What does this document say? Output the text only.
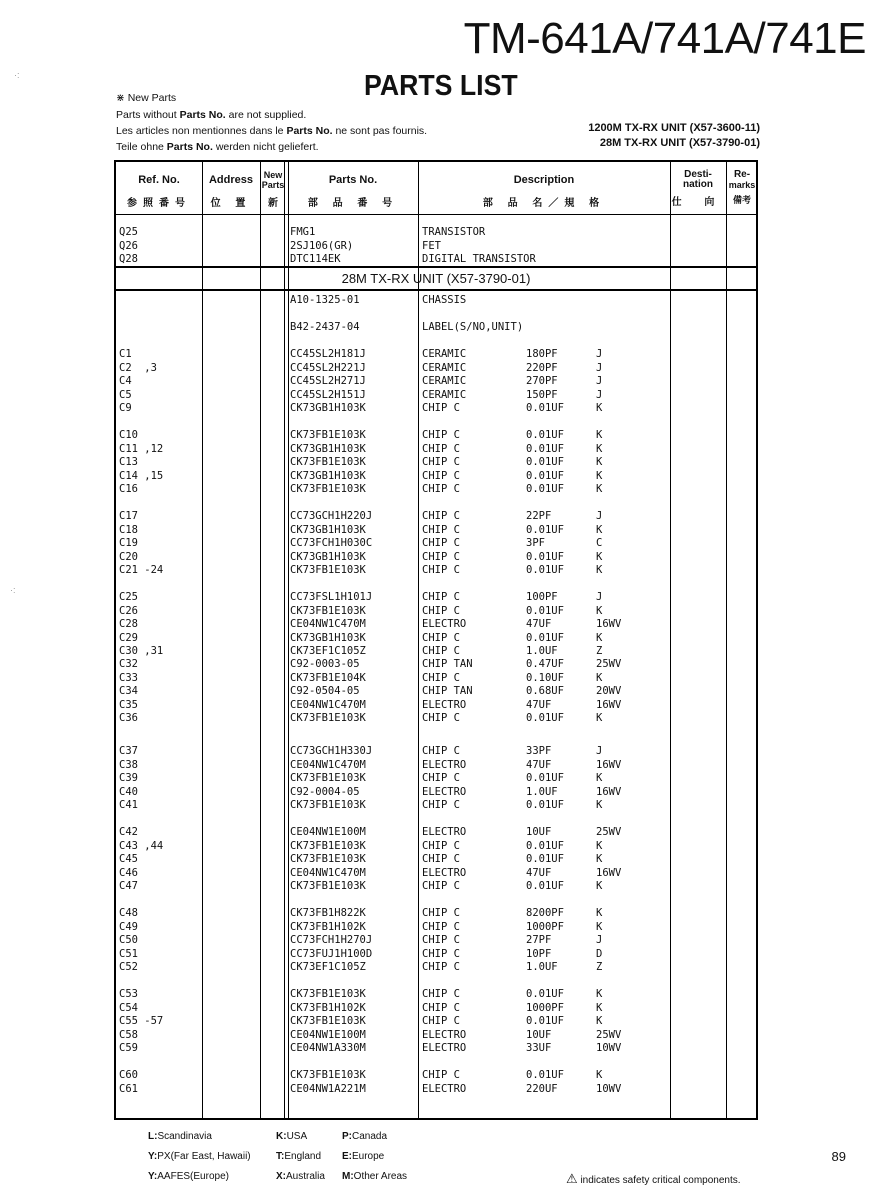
TM-641A/741A/741E
PARTS LIST
⋇ New Parts
Parts without Parts No. are not supplied.
Les articles non mentionnes dans le Parts No. ne sont pas fournis.
Teile ohne Parts No. werden nicht geliefert.
1200M TX-RX UNIT (X57-3600-11)
28M TX-RX UNIT (X57-3790-01)
·:
·:
Ref. No.
参照番号
Address
位 置
New
Parts
新
Parts No.
部 品 番 号
Description
部 品 名／規 格
Desti-
nation
仕 向
Re-
marks
備考
28M TX-RX UNIT (X57-3790-01)
Q25	FMG1	TRANSISTOR
Q26	2SJ106(GR)	FET
Q28	DTC114EK	DIGITAL TRANSISTOR
A10-1325-01	CHASSIS
B42-2437-04	LABEL(S/NO,UNIT)
C1	CC45SL2H181J	CERAMIC	180PF	J
C2  ,3	CC45SL2H221J	CERAMIC	220PF	J
C4	CC45SL2H271J	CERAMIC	270PF	J
C5	CC45SL2H151J	CERAMIC	150PF	J
C9	CK73GB1H103K	CHIP C	0.01UF	K
C10	CK73FB1E103K	CHIP C	0.01UF	K
C11 ,12	CK73GB1H103K	CHIP C	0.01UF	K
C13	CK73FB1E103K	CHIP C	0.01UF	K
C14 ,15	CK73GB1H103K	CHIP C	0.01UF	K
C16	CK73FB1E103K	CHIP C	0.01UF	K
C17	CC73GCH1H220J	CHIP C	22PF	J
C18	CK73GB1H103K	CHIP C	0.01UF	K
C19	CC73FCH1H030C	CHIP C	3PF	C
C20	CK73GB1H103K	CHIP C	0.01UF	K
C21 -24	CK73FB1E103K	CHIP C	0.01UF	K
C25	CC73FSL1H101J	CHIP C	100PF	J
C26	CK73FB1E103K	CHIP C	0.01UF	K
C28	CE04NW1C470M	ELECTRO	47UF	16WV
C29	CK73GB1H103K	CHIP C	0.01UF	K
C30 ,31	CK73EF1C105Z	CHIP C	1.0UF	Z
C32	C92-0003-05	CHIP TAN	0.47UF	25WV
C33	CK73FB1E104K	CHIP C	0.10UF	K
C34	C92-0504-05	CHIP TAN	0.68UF	20WV
C35	CE04NW1C470M	ELECTRO	47UF	16WV
C36	CK73FB1E103K	CHIP C	0.01UF	K
C37	CC73GCH1H330J	CHIP C	33PF	J
C38	CE04NW1C470M	ELECTRO	47UF	16WV
C39	CK73FB1E103K	CHIP C	0.01UF	K
C40	C92-0004-05	ELECTRO	1.0UF	16WV
C41	CK73FB1E103K	CHIP C	0.01UF	K
C42	CE04NW1E100M	ELECTRO	10UF	25WV
C43 ,44	CK73FB1E103K	CHIP C	0.01UF	K
C45	CK73FB1E103K	CHIP C	0.01UF	K
C46	CE04NW1C470M	ELECTRO	47UF	16WV
C47	CK73FB1E103K	CHIP C	0.01UF	K
C48	CK73FB1H822K	CHIP C	8200PF	K
C49	CK73FB1H102K	CHIP C	1000PF	K
C50	CC73FCH1H270J	CHIP C	27PF	J
C51	CC73FUJ1H100D	CHIP C	10PF	D
C52	CK73EF1C105Z	CHIP C	1.0UF	Z
C53	CK73FB1E103K	CHIP C	0.01UF	K
C54	CK73FB1H102K	CHIP C	1000PF	K
C55 -57	CK73FB1E103K	CHIP C	0.01UF	K
C58	CE04NW1E100M	ELECTRO	10UF	25WV
C59	CE04NW1A330M	ELECTRO	33UF	10WV
C60	CK73FB1E103K	CHIP C	0.01UF	K
C61	CE04NW1A221M	ELECTRO	220UF	10WV
L:Scandinavia	K:USA	P:Canada
Y:PX(Far East, Hawaii)	T:England E:Europe
Y:AAFES(Europe)	X:Australia M:Other Areas	⚠ indicates safety critical components.
89
